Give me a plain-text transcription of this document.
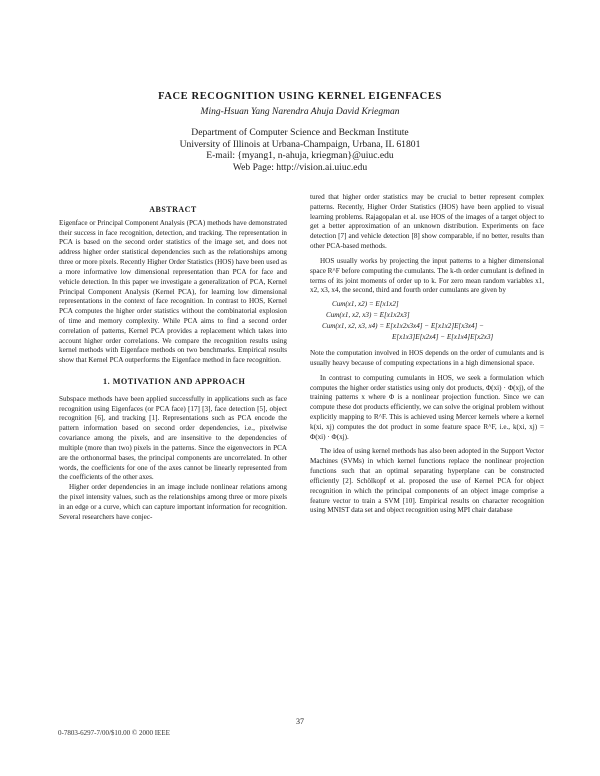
FACE RECOGNITION USING KERNEL EIGENFACES
Ming-Hsuan Yang Narendra Ahuja David Kriegman
Department of Computer Science and Beckman Institute
University of Illinois at Urbana-Champaign, Urbana, IL 61801
E-mail: {myang1, n-ahuja, kriegman}@uiuc.edu
Web Page: http://vision.ai.uiuc.edu
ABSTRACT

Eigenface or Principal Component Analysis (PCA) methods have demonstrated their success in face recognition, detection, and tracking. The representation in PCA is based on the second order statistics of the image set, and does not address higher order statistical dependencies such as the relationships among three or more pixels. Recently Higher Order Statistics (HOS) have been used as a more informative low dimensional representation than PCA for face and vehicle detection. In this paper we investigate a generalization of PCA, Kernel Principal Component Analysis (Kernel PCA), for learning low dimensional representations in the context of face recognition. In contrast to HOS, Kernel PCA computes the higher order statistics without the combinatorial explosion of time and memory complexity. While PCA aims to find a second order correlation of patterns, Kernel PCA provides a replacement which takes into account higher order correlations. We compare the recognition results using kernel methods with Eigenface methods on two benchmarks. Empirical results show that Kernel PCA outperforms the Eigenface method in face recognition.

1. MOTIVATION AND APPROACH

Subspace methods have been applied successfully in applications such as face recognition using Eigenfaces (or PCA face) [17] [3], face detection [5], object recognition [6], and tracking [1]. Representations such as PCA encode the pattern information based on second order dependencies, i.e., pixelwise covariance among the pixels, and are insensitive to the dependencies of multiple (more than two) pixels in the patterns. Since the eigenvectors in PCA are the orthonormal bases, the principal components are uncorrelated. In other words, the coefficients for one of the axes cannot be linearly represented from the coefficients of the other axes.

Higher order dependencies in an image include nonlinear relations among the pixel intensity values, such as the relationships among three or more pixels in an edge or a curve, which can capture important information for recognition. Several researchers have conjec-

tured that higher order statistics may be crucial to better represent complex patterns. Recently, Higher Order Statistics (HOS) have been applied to visual learning problems. Rajagopalan et al. use HOS of the images of a target object to get a better approximation of an unknown distribution. Experiments on face detection [7] and vehicle detection [8] show comparable, if no better, results than other PCA-based methods.

HOS usually works by projecting the input patterns to a higher dimensional space R^F before computing the cumulants. The k-th order cumulant is defined in terms of its joint moments of order up to k. For zero mean random variables x1, x2, x3, x4, the second, third and fourth order cumulants are given by

Cum(x1, x2) = E[x1x2]
Cum(x1, x2, x3) = E[x1x2x3]
Cum(x1, x2, x3, x4) = E[x1x2x3x4] − E[x1x2]E[x3x4] −
E[x1x3]E[x2x4] − E[x1x4]E[x2x3]

Note the computation involved in HOS depends on the order of cumulants and is usually heavy because of computing expectations in a high dimensional space.

In contrast to computing cumulants in HOS, we seek a formulation which computes the higher order statistics using only dot products, Φ(xi) · Φ(xj), of the training patterns x where Φ is a nonlinear projection function. Since we can compute these dot products efficiently, we can solve the original problem without explicitly mapping to R^F. This is achieved using Mercer kernels where a kernel k(xi, xj) computes the dot product in some feature space R^F, i.e., k(xi, xj) = Φ(xi) · Φ(xj).

The idea of using kernel methods has also been adopted in the Support Vector Machines (SVMs) in which kernel functions replace the nonlinear projection functions such that an optimal separating hyperplane can be constructed efficiently [2]. Schölkopf et al. proposed the use of Kernel PCA for object recognition in which the principal components of an object image comprise a feature vector to train a SVM [10]. Empirical results on character recognition using MNIST data set and object recognition using MPI chair database

37
0-7803-6297-7/00/$10.00 © 2000 IEEE
